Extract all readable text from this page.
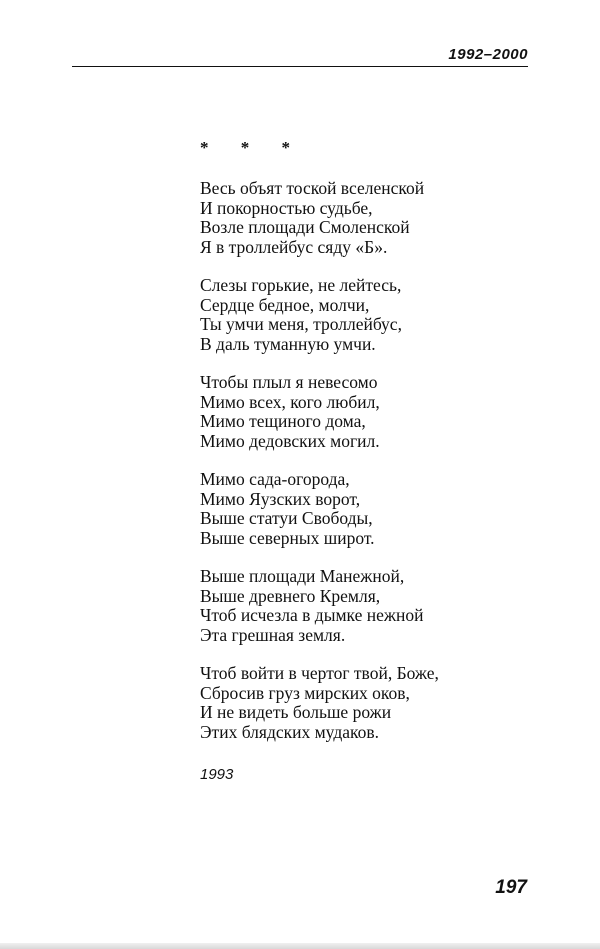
1992–2000
* * *
Весь объят тоской вселенской
И покорностью судьбе,
Возле площади Смоленской
Я в троллейбус сяду «Б».
Слезы горькие, не лейтесь,
Сердце бедное, молчи,
Ты умчи меня, троллейбус,
В даль туманную умчи.
Чтобы плыл я невесомо
Мимо всех, кого любил,
Мимо тещиного дома,
Мимо дедовских могил.
Мимо сада-огорода,
Мимо Яузских ворот,
Выше статуи Свободы,
Выше северных широт.
Выше площади Манежной,
Выше древнего Кремля,
Чтоб исчезла в дымке нежной
Эта грешная земля.
Чтоб войти в чертог твой, Боже,
Сбросив груз мирских оков,
И не видеть больше рожи
Этих блядских мудаков.
1993
197
